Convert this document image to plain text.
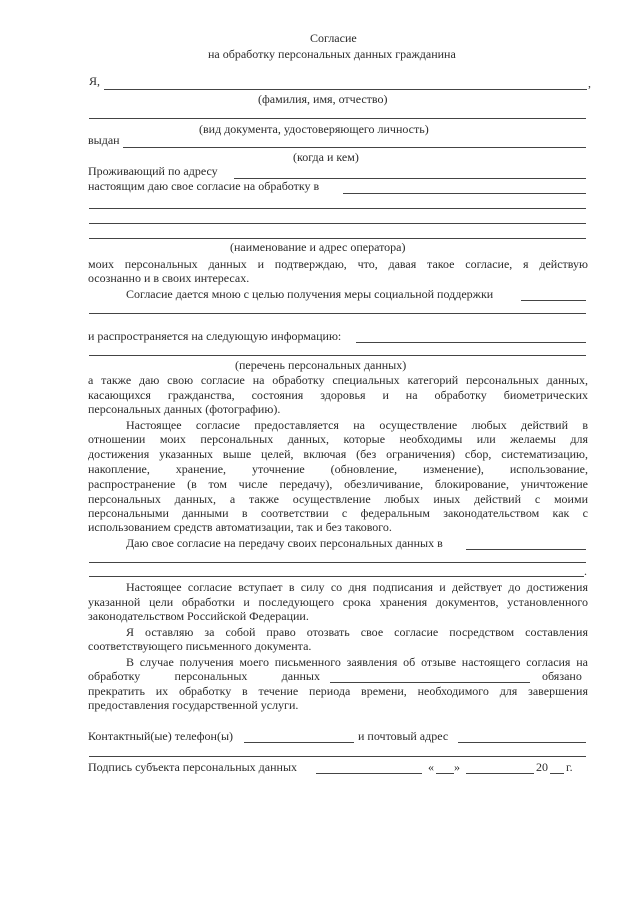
Согласие
на обработку персональных данных гражданина
Я,	,
(фамилия, имя, отчество)
(вид документа, удостоверяющего личность)
выдан
(когда и кем)
Проживающий по адресу
настоящим даю свое согласие на обработку в
(наименование и адрес оператора)
моих персональных данных и подтверждаю, что, давая такое согласие, я действую
осознанно и в своих интересах.
Согласие дается мною с целью получения меры социальной поддержки
и распространяется на следующую информацию:
(перечень персональных данных)
а также даю свою согласие на обработку специальных категорий персональных данных,
касающихся гражданства, состояния здоровья и на обработку биометрических
персональных данных (фотографию).
Настоящее согласие предоставляется на осуществление любых действий в
отношении моих персональных данных, которые необходимы или желаемы для
достижения указанных выше целей, включая (без ограничения) сбор, систематизацию,
накопление, хранение, уточнение (обновление, изменение), использование,
распространение (в том числе передачу), обезличивание, блокирование, уничтожение
персональных данных, а также осуществление любых иных действий с моими
персональными данными в соответствии с федеральным законодательством как с
использованием средств автоматизации, так и без такового.
Даю свое согласие на передачу своих персональных данных в
.
Настоящее согласие вступает в силу со дня подписания и действует до достижения
указанной цели обработки и последующего срока хранения документов, установленного
законодательством Российской Федерации.
Я оставляю за собой право отозвать свое согласие посредством составления
соответствующего письменного документа.
В случае получения моего письменного заявления об отзыве настоящего согласия на
обработку персональных данных	обязано
прекратить их обработку в течение периода времени, необходимого для завершения
предоставления государственной услуги.
Контактный(ые) телефон(ы)	и почтовый адрес
Подпись субъекта персональных данных	« »	20 г.
